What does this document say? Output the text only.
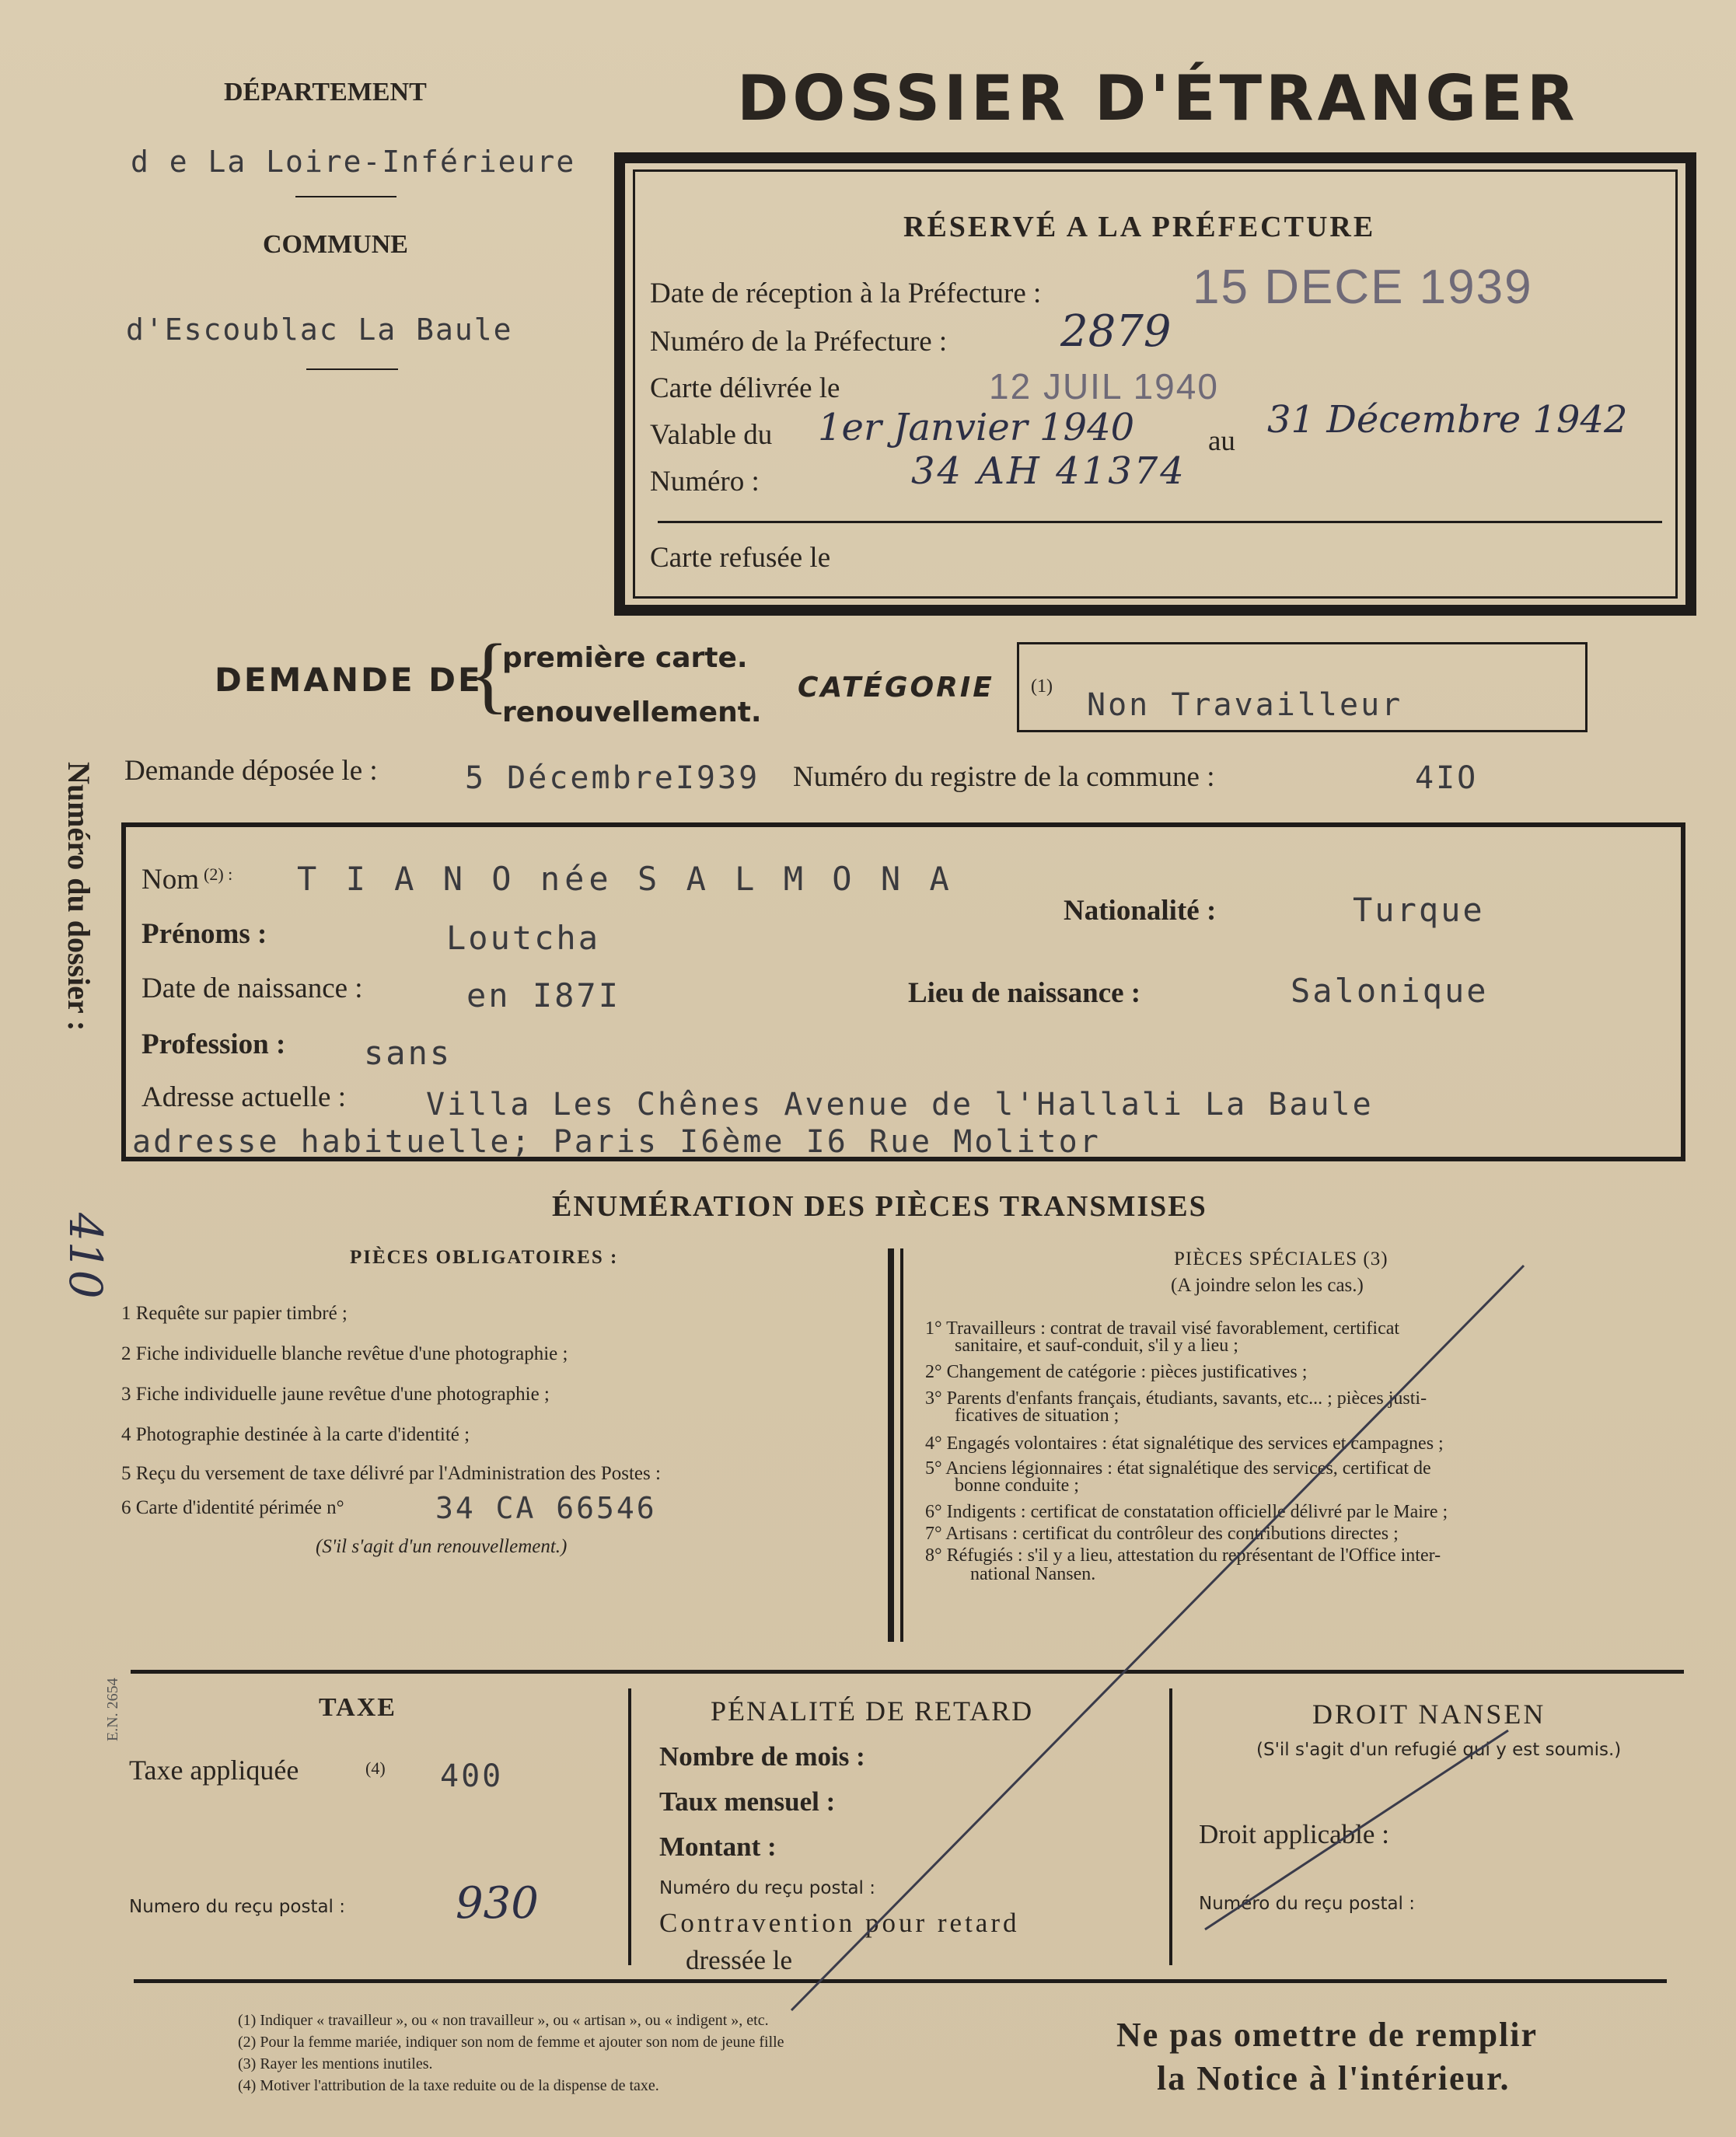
DÉPARTEMENT
d e La Loire-Inférieure
COMMUNE
d'Escoublac La Baule
DOSSIER D'ÉTRANGER
RÉSERVÉ A LA PRÉFECTURE
Date de réception à la Préfecture :	15 DECE 1939
Numéro de la Préfecture :	2879
Carte délivrée le	12 JUIL 1940
Valable du 1er Janvier 1940	au 31 Décembre 1942
Numéro :	34 AH 41374
Carte refusée le
DEMANDE DE
{
première carte.
renouvellement.
CATÉGORIE (1)
Non Travailleur
Demande déposée le :	5 DécembreI939 Numéro du registre de la commune :	4IO
Numéro du dossier :
410
E.N. 2654
Nom (2) : T I A N O née S A L M O N A
Nationalité :	Turque
Prénoms :	Loutcha
Date de naissance :	en I87I	Lieu de naissance :	Salonique
Profession : sans
Adresse actuelle :	Villa Les Chênes Avenue de l'Hallali La Baule
adresse habituelle; Paris I6ème I6 Rue Molitor
ÉNUMÉRATION DES PIÈCES TRANSMISES
PIÈCES OBLIGATOIRES :
1 Requête sur papier timbré ;
2 Fiche individuelle blanche revêtue d'une photographie ;
3 Fiche individuelle jaune revêtue d'une photographie ;
4 Photographie destinée à la carte d'identité ;
5 Reçu du versement de taxe délivré par l'Administration des Postes :
6 Carte d'identité périmée n°	34 CA 66546
(S'il s'agit d'un renouvellement.)
PIÈCES SPÉCIALES (3)
(A joindre selon les cas.)
1° Travailleurs : contrat de travail visé favorablement, certificat
sanitaire, et sauf-conduit, s'il y a lieu ;
2° Changement de catégorie : pièces justificatives ;
3° Parents d'enfants français, étudiants, savants, etc... ; pièces justi-
ficatives de situation ;
4° Engagés volontaires : état signalétique des services et campagnes ;
5° Anciens légionnaires : état signalétique des services, certificat de
bonne conduite ;
6° Indigents : certificat de constatation officielle délivré par le Maire ;
7° Artisans : certificat du contrôleur des contributions directes ;
8° Réfugiés : s'il y a lieu, attestation du représentant de l'Office inter-
national Nansen.
TAXE
Taxe appliquée	(4) 400
Numero du reçu postal :	930
PÉNALITÉ DE RETARD
Nombre de mois :
Taux mensuel :
Montant :
Numéro du reçu postal :
Contravention pour retard
dressée le
DROIT NANSEN
(S'il s'agit d'un refugié qui y est soumis.)
Droit applicable :
Numéro du reçu postal :
(1) Indiquer « travailleur », ou « non travailleur », ou « artisan », ou « indigent », etc.
(2) Pour la femme mariée, indiquer son nom de femme et ajouter son nom de jeune fille
(3) Rayer les mentions inutiles.
(4) Motiver l'attribution de la taxe reduite ou de la dispense de taxe.
Ne pas omettre de remplir
la Notice à l'intérieur.
